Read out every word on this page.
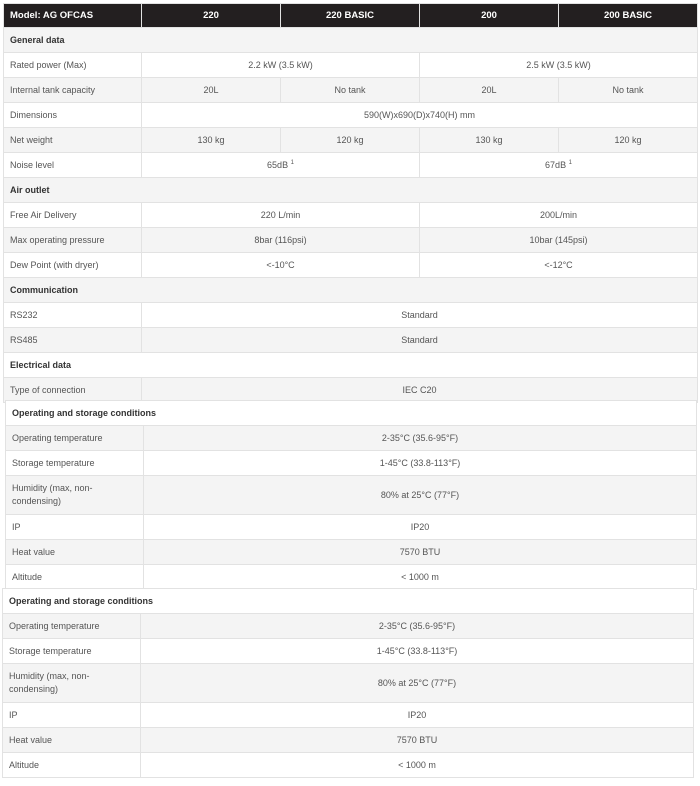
Model: AG OFCAS	220	220 BASIC	200	200 BASIC
General data				
Rated power (Max)	2.2 kW (3.5 kW)		2.5 kW (3.5 kW)	
Internal tank capacity	20L	No tank	20L	No tank
Dimensions	590(W)x690(D)x740(H) mm			
Net weight	130 kg	120 kg	130 kg	120 kg
Noise level	65dB $^1$		67dB $^1$
Air outlet				
Free Air Delivery	220 L/min		200L/min	
Max operating pressure	8bar (116psi)		10bar (145psi)	
Dew Point (with dryer)	<-10°C		<-12°C	
Communication				
RS232	Standard			
RS485	Standard			
Electrical data				
Type of connection	IEC C20			
Operating and storage conditions	
Operating temperature	2-35°C (35.6-95°F)
Storage temperature	1-45°C (33.8-113°F)
Humidity (max, non-condensing)	80% at 25°C (77°F)
IP	IP20
Heat value	7570 BTU
Altitude	< 1000 m
Operating and storage conditions	
Operating temperature	2-35°C (35.6-95°F)
Storage temperature	1-45°C (33.8-113°F)
Humidity (max, non-condensing)	80% at 25°C (77°F)
IP	IP20
Heat value	7570 BTU
Altitude	< 1000 m
